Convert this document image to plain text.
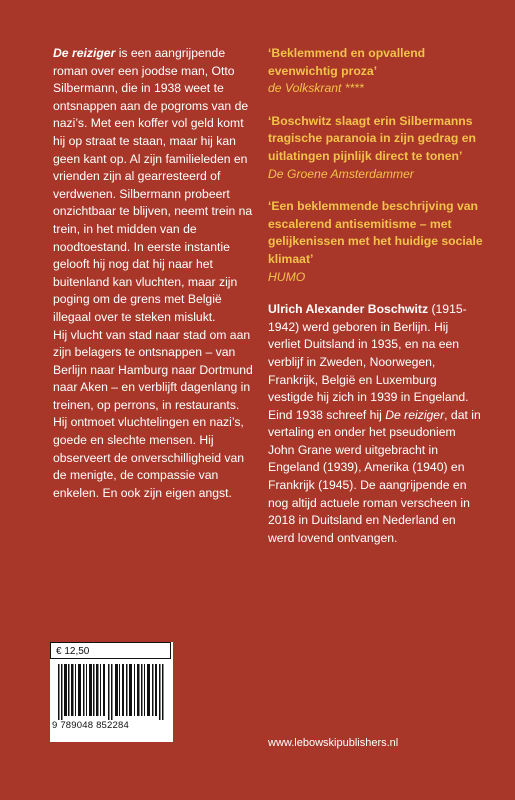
De reiziger is een aangrijpende roman over een joodse man, Otto Silbermann, die in 1938 weet te ontsnappen aan de pogroms van de nazi’s. Met een koffer vol geld komt hij op straat te staan, maar hij kan geen kant op. Al zijn familieleden en vrienden zijn al gearresteerd of verdwenen. Silbermann probeert onzichtbaar te blijven, neemt trein na trein, in het midden van de noodtoestand. In eerste instantie gelooft hij nog dat hij naar het buitenland kan vluchten, maar zijn poging om de grens met België illegaal over te steken mislukt.

Hij vlucht van stad naar stad om aan zijn belagers te ontsnappen – van Berlijn naar Hamburg naar Dortmund naar Aken – en verblijft dagenlang in treinen, op perrons, in restaurants. Hij ontmoet vluchtelingen en nazi’s, goede en slechte mensen. Hij observeert de onverschilligheid van de menigte, de compassie van enkelen. En ook zijn eigen angst.

‘Beklemmend en opvallend evenwichtig proza’
de Volkskrant ****
‘Boschwitz slaagt erin Silbermanns tragische paranoia in zijn gedrag en uitlatingen pijnlijk direct te tonen’
De Groene Amsterdammer
‘Een beklemmende beschrijving van escalerend antisemitisme – met gelijkenissen met het huidige sociale klimaat’
HUMO
Ulrich Alexander Boschwitz (1915-1942) werd geboren in Berlijn. Hij verliet Duitsland in 1935, en na een verblijf in Zweden, Noorwegen, Frankrijk, België en Luxemburg vestigde hij zich in 1939 in Engeland. Eind 1938 schreef hij De reiziger, dat in vertaling en onder het pseudoniem John Grane werd uitgebracht in Engeland (1939), Amerika (1940) en Frankrijk (1945). De aangrijpende en nog altijd actuele roman verscheen in 2018 in Duitsland en Nederland en werd lovend ontvangen.
€ 12,50
9 789048 852284
www.lebowskipublishers.nl
